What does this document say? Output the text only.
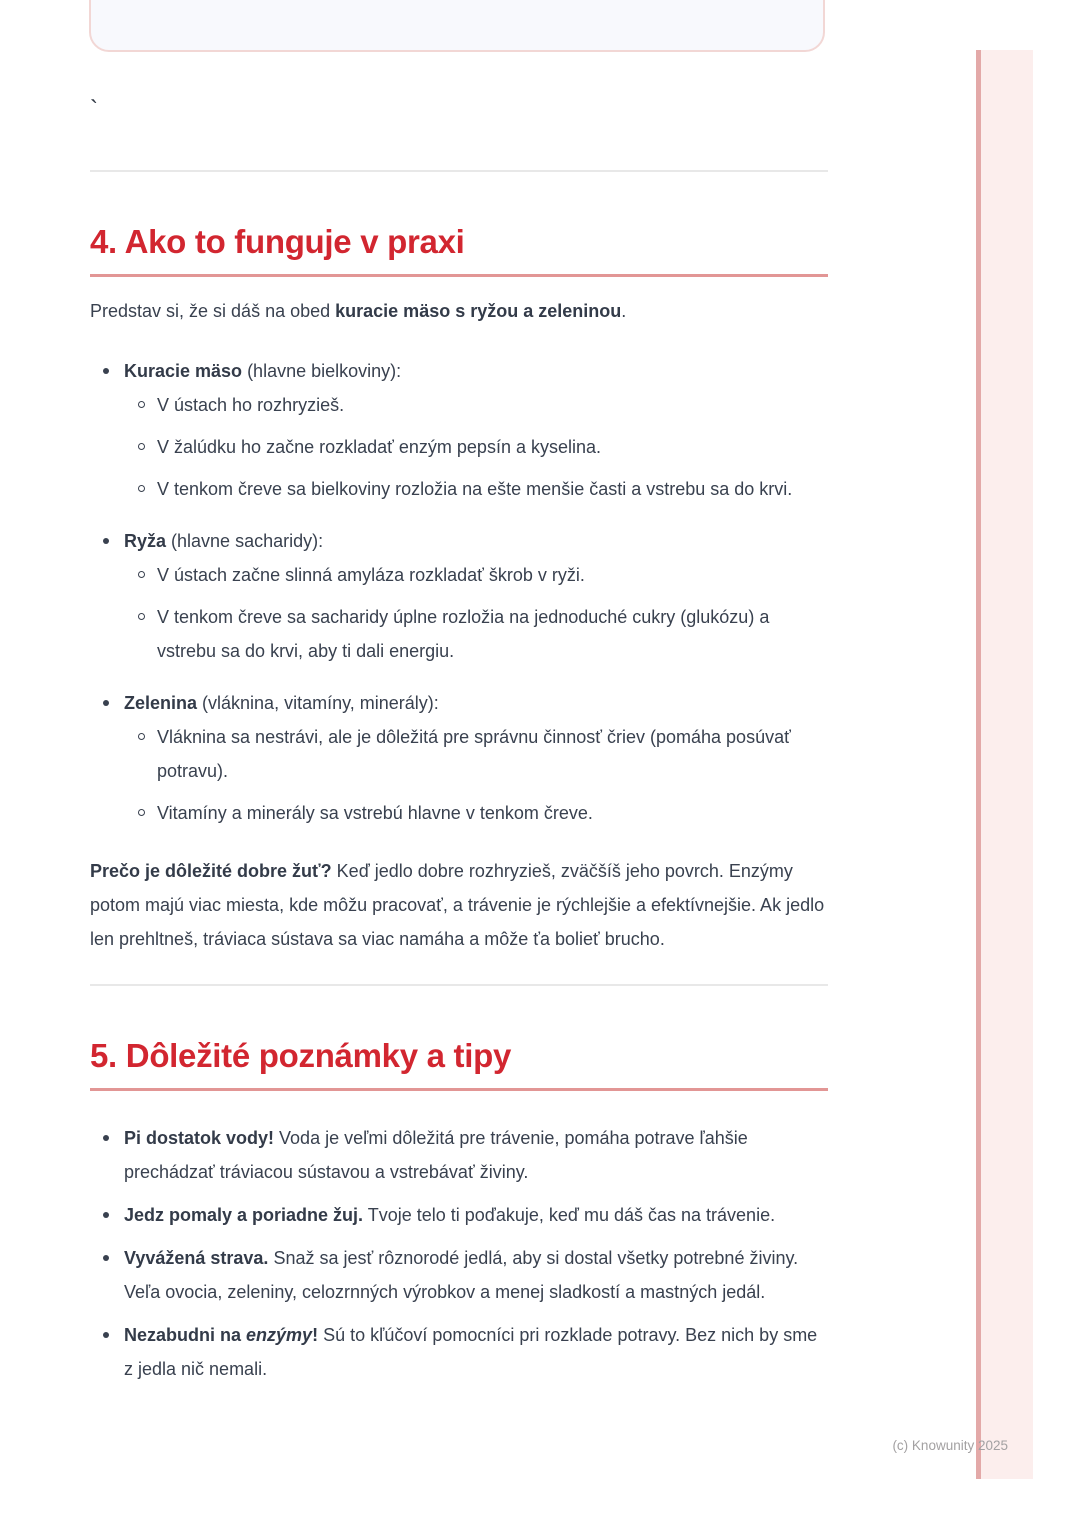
`
4. Ako to funguje v praxi

Predstav si, že si dáš na obed kuracie mäso s ryžou a zeleninou.

Kuracie mäso (hlavne bielkoviny):
V ústach ho rozhryzieš.
V žalúdku ho začne rozkladať enzým pepsín a kyselina.
V tenkom čreve sa bielkoviny rozložia na ešte menšie časti a vstrebu sa do krvi.
Ryža (hlavne sacharidy):
V ústach začne slinná amyláza rozkladať škrob v ryži.
V tenkom čreve sa sacharidy úplne rozložia na jednoduché cukry (glukózu) a vstrebu sa do krvi, aby ti dali energiu.
Zelenina (vláknina, vitamíny, minerály):
Vláknina sa nestrávi, ale je dôležitá pre správnu činnosť čriev (pomáha posúvať potravu).
Vitamíny a minerály sa vstrebú hlavne v tenkom čreve.

Prečo je dôležité dobre žuť? Keď jedlo dobre rozhryzieš, zväčšíš jeho povrch. Enzýmy potom majú viac miesta, kde môžu pracovať, a trávenie je rýchlejšie a efektívnejšie. Ak jedlo len prehltneš, tráviaca sústava sa viac namáha a môže ťa bolieť brucho.

5. Dôležité poznámky a tipy
Pi dostatok vody! Voda je veľmi dôležitá pre trávenie, pomáha potrave ľahšie prechádzať tráviacou sústavou a vstrebávať živiny.
Jedz pomaly a poriadne žuj. Tvoje telo ti poďakuje, keď mu dáš čas na trávenie.
Vyvážená strava. Snaž sa jesť rôznorodé jedlá, aby si dostal všetky potrebné živiny. Veľa ovocia, zeleniny, celozrnných výrobkov a menej sladkostí a mastných jedál.
Nezabudni na enzýmy! Sú to kľúčoví pomocníci pri rozklade potravy. Bez nich by sme z jedla nič nemali.
(c) Knowunity 2025
